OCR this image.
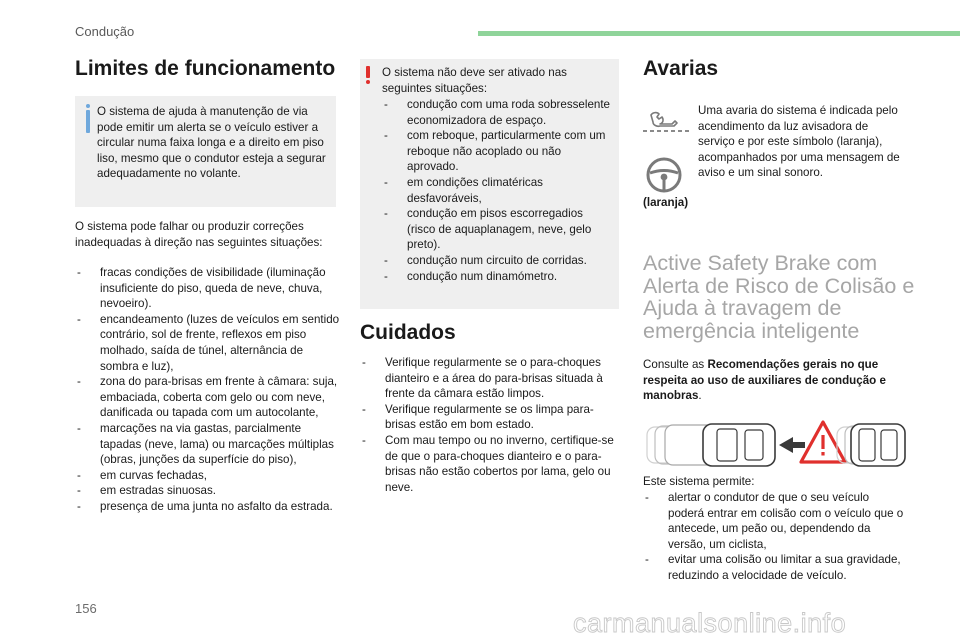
Condução
Limites de funcionamento
O sistema de ajuda à manutenção de via pode emitir um alerta se o veículo estiver a circular numa faixa longa e a direito em piso liso, mesmo que o condutor esteja a segurar adequadamente no volante.
O sistema pode falhar ou produzir correções inadequadas à direção nas seguintes situações:
- fracas condições de visibilidade (iluminação insuficiente do piso, queda de neve, chuva, nevoeiro).
- encandeamento (luzes de veículos em sentido contrário, sol de frente, reflexos em piso molhado, saída de túnel, alternância de sombra e luz),
- zona do para-brisas em frente à câmara: suja, embaciada, coberta com gelo ou com neve, danificada ou tapada com um autocolante,
- marcações na via gastas, parcialmente tapadas (neve, lama) ou marcações múltiplas (obras, junções da superfície do piso),
- em curvas fechadas,
- em estradas sinuosas.
- presença de uma junta no asfalto da estrada.
O sistema não deve ser ativado nas seguintes situações:
- condução com uma roda sobresselente economizadora de espaço.
- com reboque, particularmente com um reboque não acoplado ou não aprovado.
- em condições climatéricas desfavoráveis,
- condução em pisos escorregadios (risco de aquaplanagem, neve, gelo preto).
- condução num circuito de corridas.
- condução num dinamómetro.
Cuidados
- Verifique regularmente se o para-choques dianteiro e a área do para-brisas situada à frente da câmara estão limpos.
- Verifique regularmente se os limpa para-brisas estão em bom estado.
- Com mau tempo ou no inverno, certifique-se de que o para-choques dianteiro e o para-brisas não estão cobertos por lama, gelo ou neve.
Avarias
(laranja)
Uma avaria do sistema é indicada pelo acendimento da luz avisadora de serviço e por este símbolo (laranja), acompanhados por uma mensagem de aviso e um sinal sonoro.
Active Safety Brake com Alerta de Risco de Colisão e Ajuda à travagem de emergência inteligente
Consulte as Recomendações gerais no que respeita ao uso de auxiliares de condução e manobras.
Este sistema permite:
- alertar o condutor de que o seu veículo poderá entrar em colisão com o veículo que o antecede, um peão ou, dependendo da versão, um ciclista,
- evitar uma colisão ou limitar a sua gravidade, reduzindo a velocidade de veículo.
156	carmanualsonline.info
